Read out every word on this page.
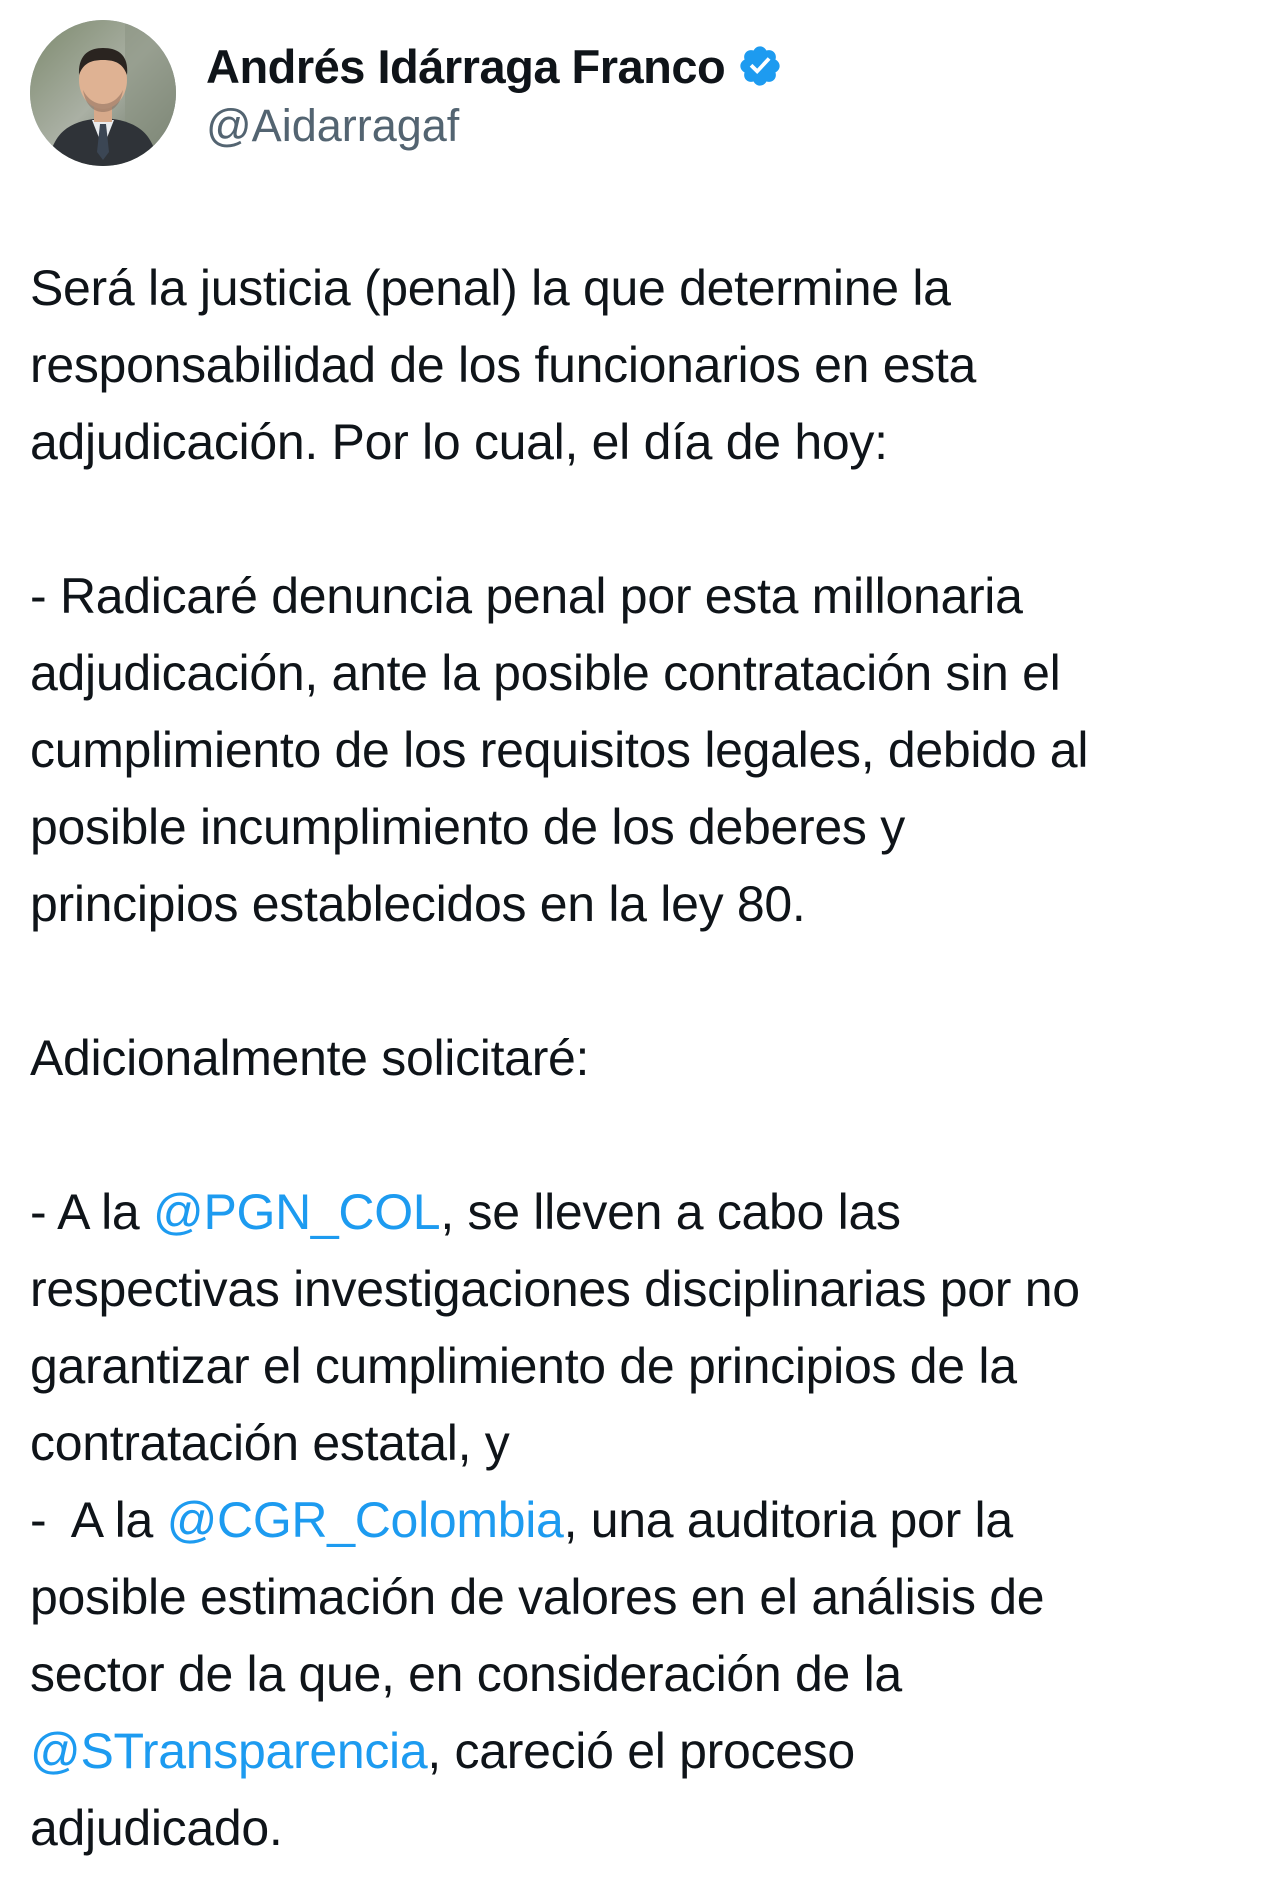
Andrés Idárraga Franco
@Aidarragaf

Será la justicia (penal) la que determine la

responsabilidad de los funcionarios en esta

adjudicación. Por lo cual, el día de hoy:

- Radicaré denuncia penal por esta millonaria

adjudicación, ante la posible contratación sin el

cumplimiento de los requisitos legales, debido al

posible incumplimiento de los deberes y

principios establecidos en la ley 80.

Adicionalmente solicitaré:

- A la @PGN_COL, se lleven a cabo las

respectivas investigaciones disciplinarias por no

garantizar el cumplimiento de principios de la

contratación estatal, y

-  A la @CGR_Colombia, una auditoria por la

posible estimación de valores en el análisis de

sector de la que, en consideración de la

@STransparencia, careció el proceso

adjudicado.
